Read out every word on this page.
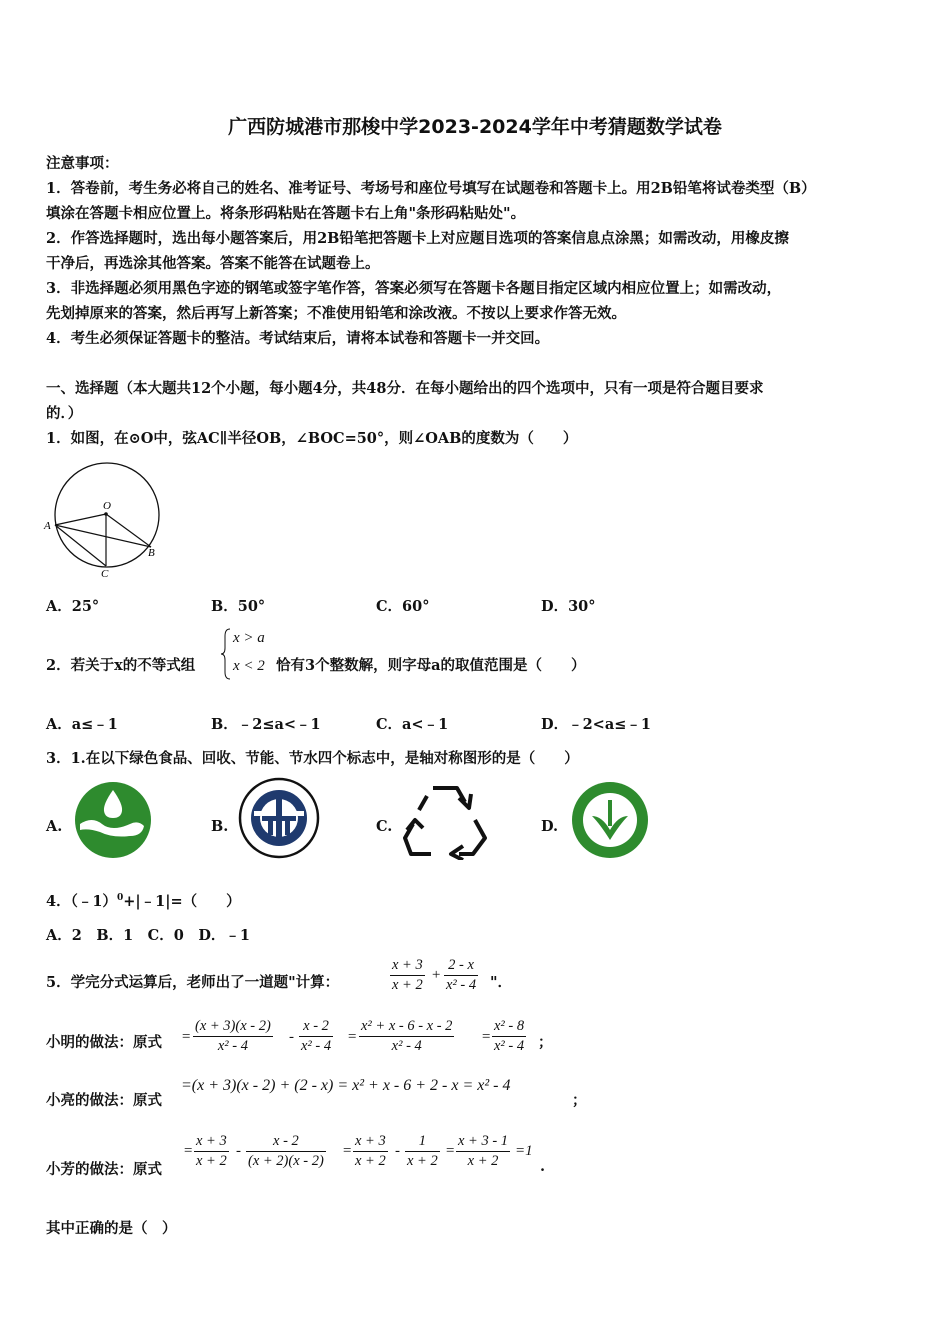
广西防城港市那梭中学2023-2024学年中考猜题数学试卷
注意事项：
1．答卷前，考生务必将自己的姓名、准考证号、考场号和座位号填写在试题卷和答题卡上。用2B铅笔将试卷类型（B）
填涂在答题卡相应位置上。将条形码粘贴在答题卡右上角"条形码粘贴处"。
2．作答选择题时，选出每小题答案后，用2B铅笔把答题卡上对应题目选项的答案信息点涂黑；如需改动，用橡皮擦
干净后，再选涂其他答案。答案不能答在试题卷上。
3．非选择题必须用黑色字迹的钢笔或签字笔作答，答案必须写在答题卡各题目指定区域内相应位置上；如需改动，
先划掉原来的答案，然后再写上新答案；不准使用铅笔和涂改液。不按以上要求作答无效。
4．考生必须保证答题卡的整洁。考试结束后，请将本试卷和答题卡一并交回。
一、选择题（本大题共12个小题，每小题4分，共48分．在每小题给出的四个选项中，只有一项是符合题目要求
的．）
1．如图，在⊙O中，弦AC∥半径OB，∠BOC=50°，则∠OAB的度数为（　　）
O
A
B
C
A．25°	B．50°	C．60°	D．30°
2．若关于x的不等式组
x > a
x < 2 恰有3个整数解，则字母a的取值范围是（　　）
A．a≤﹣1	B．﹣2≤a<﹣1	C．a<﹣1	D．﹣2<a≤﹣1
3．1.在以下绿色食品、回收、节能、节水四个标志中，是轴对称图形的是（　　）
A.	B.	C.	D.
4．（﹣1）$^0$+|﹣1|=（　　）
A．2　B．1　C．0　D．﹣1
5．学完分式运算后，老师出了一道题"计算：	$\frac{x + 3}{x + 2} + \frac{2 - x}{\text{x² - 4}}$ "．
小明的做法：原式 = $\frac{(x + 3)(x - 2)}{\text{x² - 4}} - \frac{x - 2}{\text{x² - 4}} = \frac{\text{x² + x - 6 - x - 2}}{\text{x² - 4}} = \frac{\text{x² - 8}}{\text{x² - 4}}$ ；
小亮的做法：原式
=(x + 3)(x - 2) + (2 - x) = x² + x - 6 + 2 - x = x² - 4
；
小芳的做法：原式
= $\frac{x + 3}{x + 2} - \frac{x - 2}{(x + 2)(x - 2)} = \frac{x + 3}{x + 2} - \frac{1}{x + 2} = \frac{x + 3 - 1}{x + 2} =1$
.
其中正确的是（　）
